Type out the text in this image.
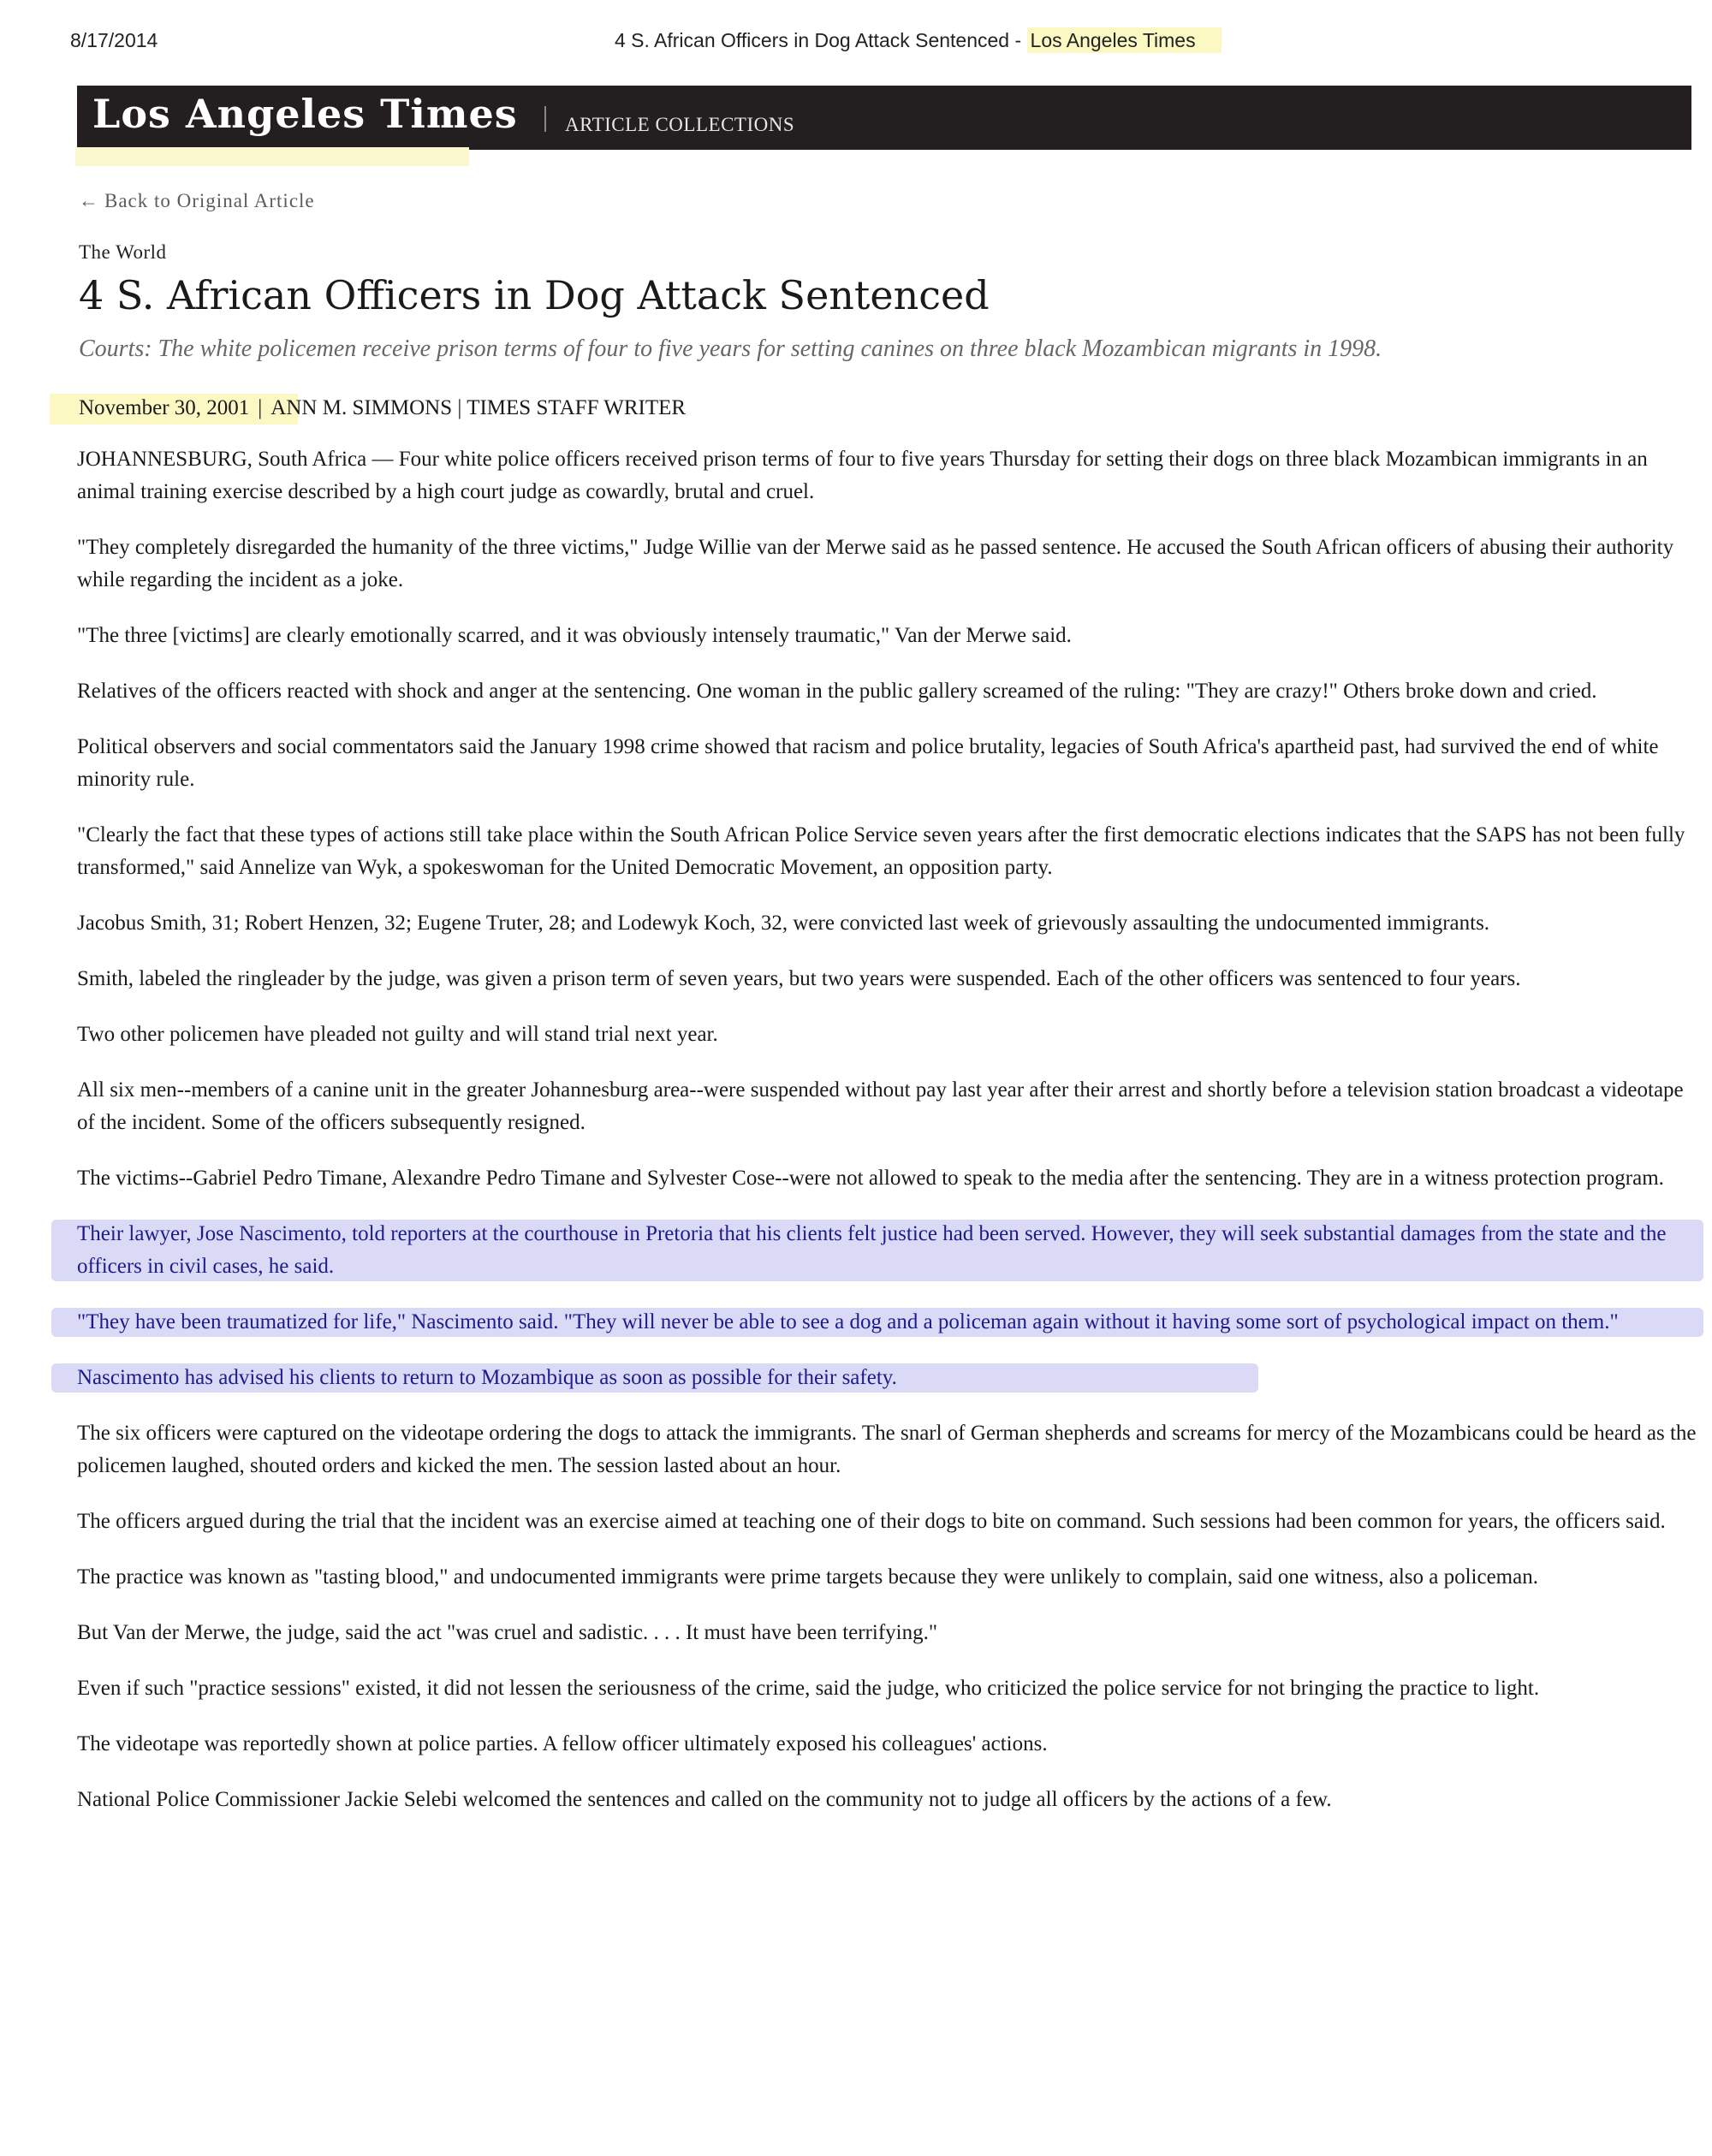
8/17/2014	4 S. African Officers in Dog Attack Sentenced - Los Angeles Times
Los Angeles Times ARTICLE COLLECTIONS
← Back to Original Article
The World
4 S. African Officers in Dog Attack Sentenced
Courts: The white policemen receive prison terms of four to five years for setting canines on three black Mozambican migrants in 1998.
November 30, 2001 | ANN M. SIMMONS | TIMES STAFF WRITER

JOHANNESBURG, South Africa — Four white police officers received prison terms of four to five years Thursday for setting their dogs on three black Mozambican immigrants in an animal training exercise described by a high court judge as cowardly, brutal and cruel.

"They completely disregarded the humanity of the three victims," Judge Willie van der Merwe said as he passed sentence. He accused the South African officers of abusing their authority while regarding the incident as a joke.

"The three [victims] are clearly emotionally scarred, and it was obviously intensely traumatic," Van der Merwe said.

Relatives of the officers reacted with shock and anger at the sentencing. One woman in the public gallery screamed of the ruling: "They are crazy!" Others broke down and cried.

Political observers and social commentators said the January 1998 crime showed that racism and police brutality, legacies of South Africa's apartheid past, had survived the end of white minority rule.

"Clearly the fact that these types of actions still take place within the South African Police Service seven years after the first democratic elections indicates that the SAPS has not been fully transformed," said Annelize van Wyk, a spokeswoman for the United Democratic Movement, an opposition party.

Jacobus Smith, 31; Robert Henzen, 32; Eugene Truter, 28; and Lodewyk Koch, 32, were convicted last week of grievously assaulting the undocumented immigrants.

Smith, labeled the ringleader by the judge, was given a prison term of seven years, but two years were suspended. Each of the other officers was sentenced to four years.

Two other policemen have pleaded not guilty and will stand trial next year.

All six men--members of a canine unit in the greater Johannesburg area--were suspended without pay last year after their arrest and shortly before a television station broadcast a videotape of the incident. Some of the officers subsequently resigned.

The victims--Gabriel Pedro Timane, Alexandre Pedro Timane and Sylvester Cose--were not allowed to speak to the media after the sentencing. They are in a witness protection program.

Their lawyer, Jose Nascimento, told reporters at the courthouse in Pretoria that his clients felt justice had been served. However, they will seek substantial damages from the state and the officers in civil cases, he said.

"They have been traumatized for life," Nascimento said. "They will never be able to see a dog and a policeman again without it having some sort of psychological impact on them."

Nascimento has advised his clients to return to Mozambique as soon as possible for their safety.

The six officers were captured on the videotape ordering the dogs to attack the immigrants. The snarl of German shepherds and screams for mercy of the Mozambicans could be heard as the policemen laughed, shouted orders and kicked the men. The session lasted about an hour.

The officers argued during the trial that the incident was an exercise aimed at teaching one of their dogs to bite on command. Such sessions had been common for years, the officers said.

The practice was known as "tasting blood," and undocumented immigrants were prime targets because they were unlikely to complain, said one witness, also a policeman.

But Van der Merwe, the judge, said the act "was cruel and sadistic. . . . It must have been terrifying."

Even if such "practice sessions" existed, it did not lessen the seriousness of the crime, said the judge, who criticized the police service for not bringing the practice to light.

The videotape was reportedly shown at police parties. A fellow officer ultimately exposed his colleagues' actions.

National Police Commissioner Jackie Selebi welcomed the sentences and called on the community not to judge all officers by the actions of a few.
